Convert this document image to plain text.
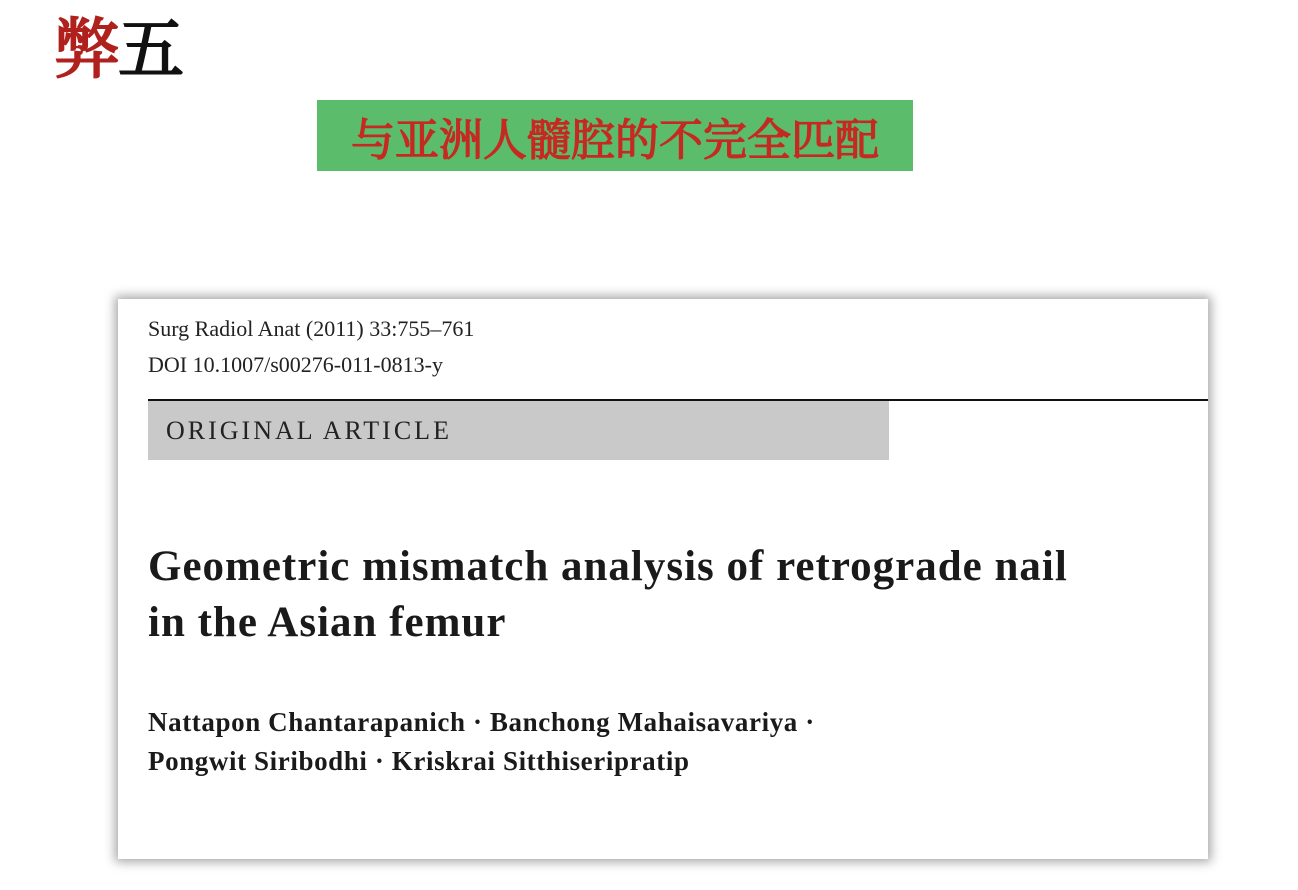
弊 五
与亚洲人髓腔的不完全匹配
Surg Radiol Anat (2011) 33:755–761
DOI 10.1007/s00276-011-0813-y
ORIGINAL ARTICLE
Geometric mismatch analysis of retrograde nail
in the Asian femur
Nattapon Chantarapanich · Banchong Mahaisavariya ·
Pongwit Siribodhi · Kriskrai Sitthiseripratip
